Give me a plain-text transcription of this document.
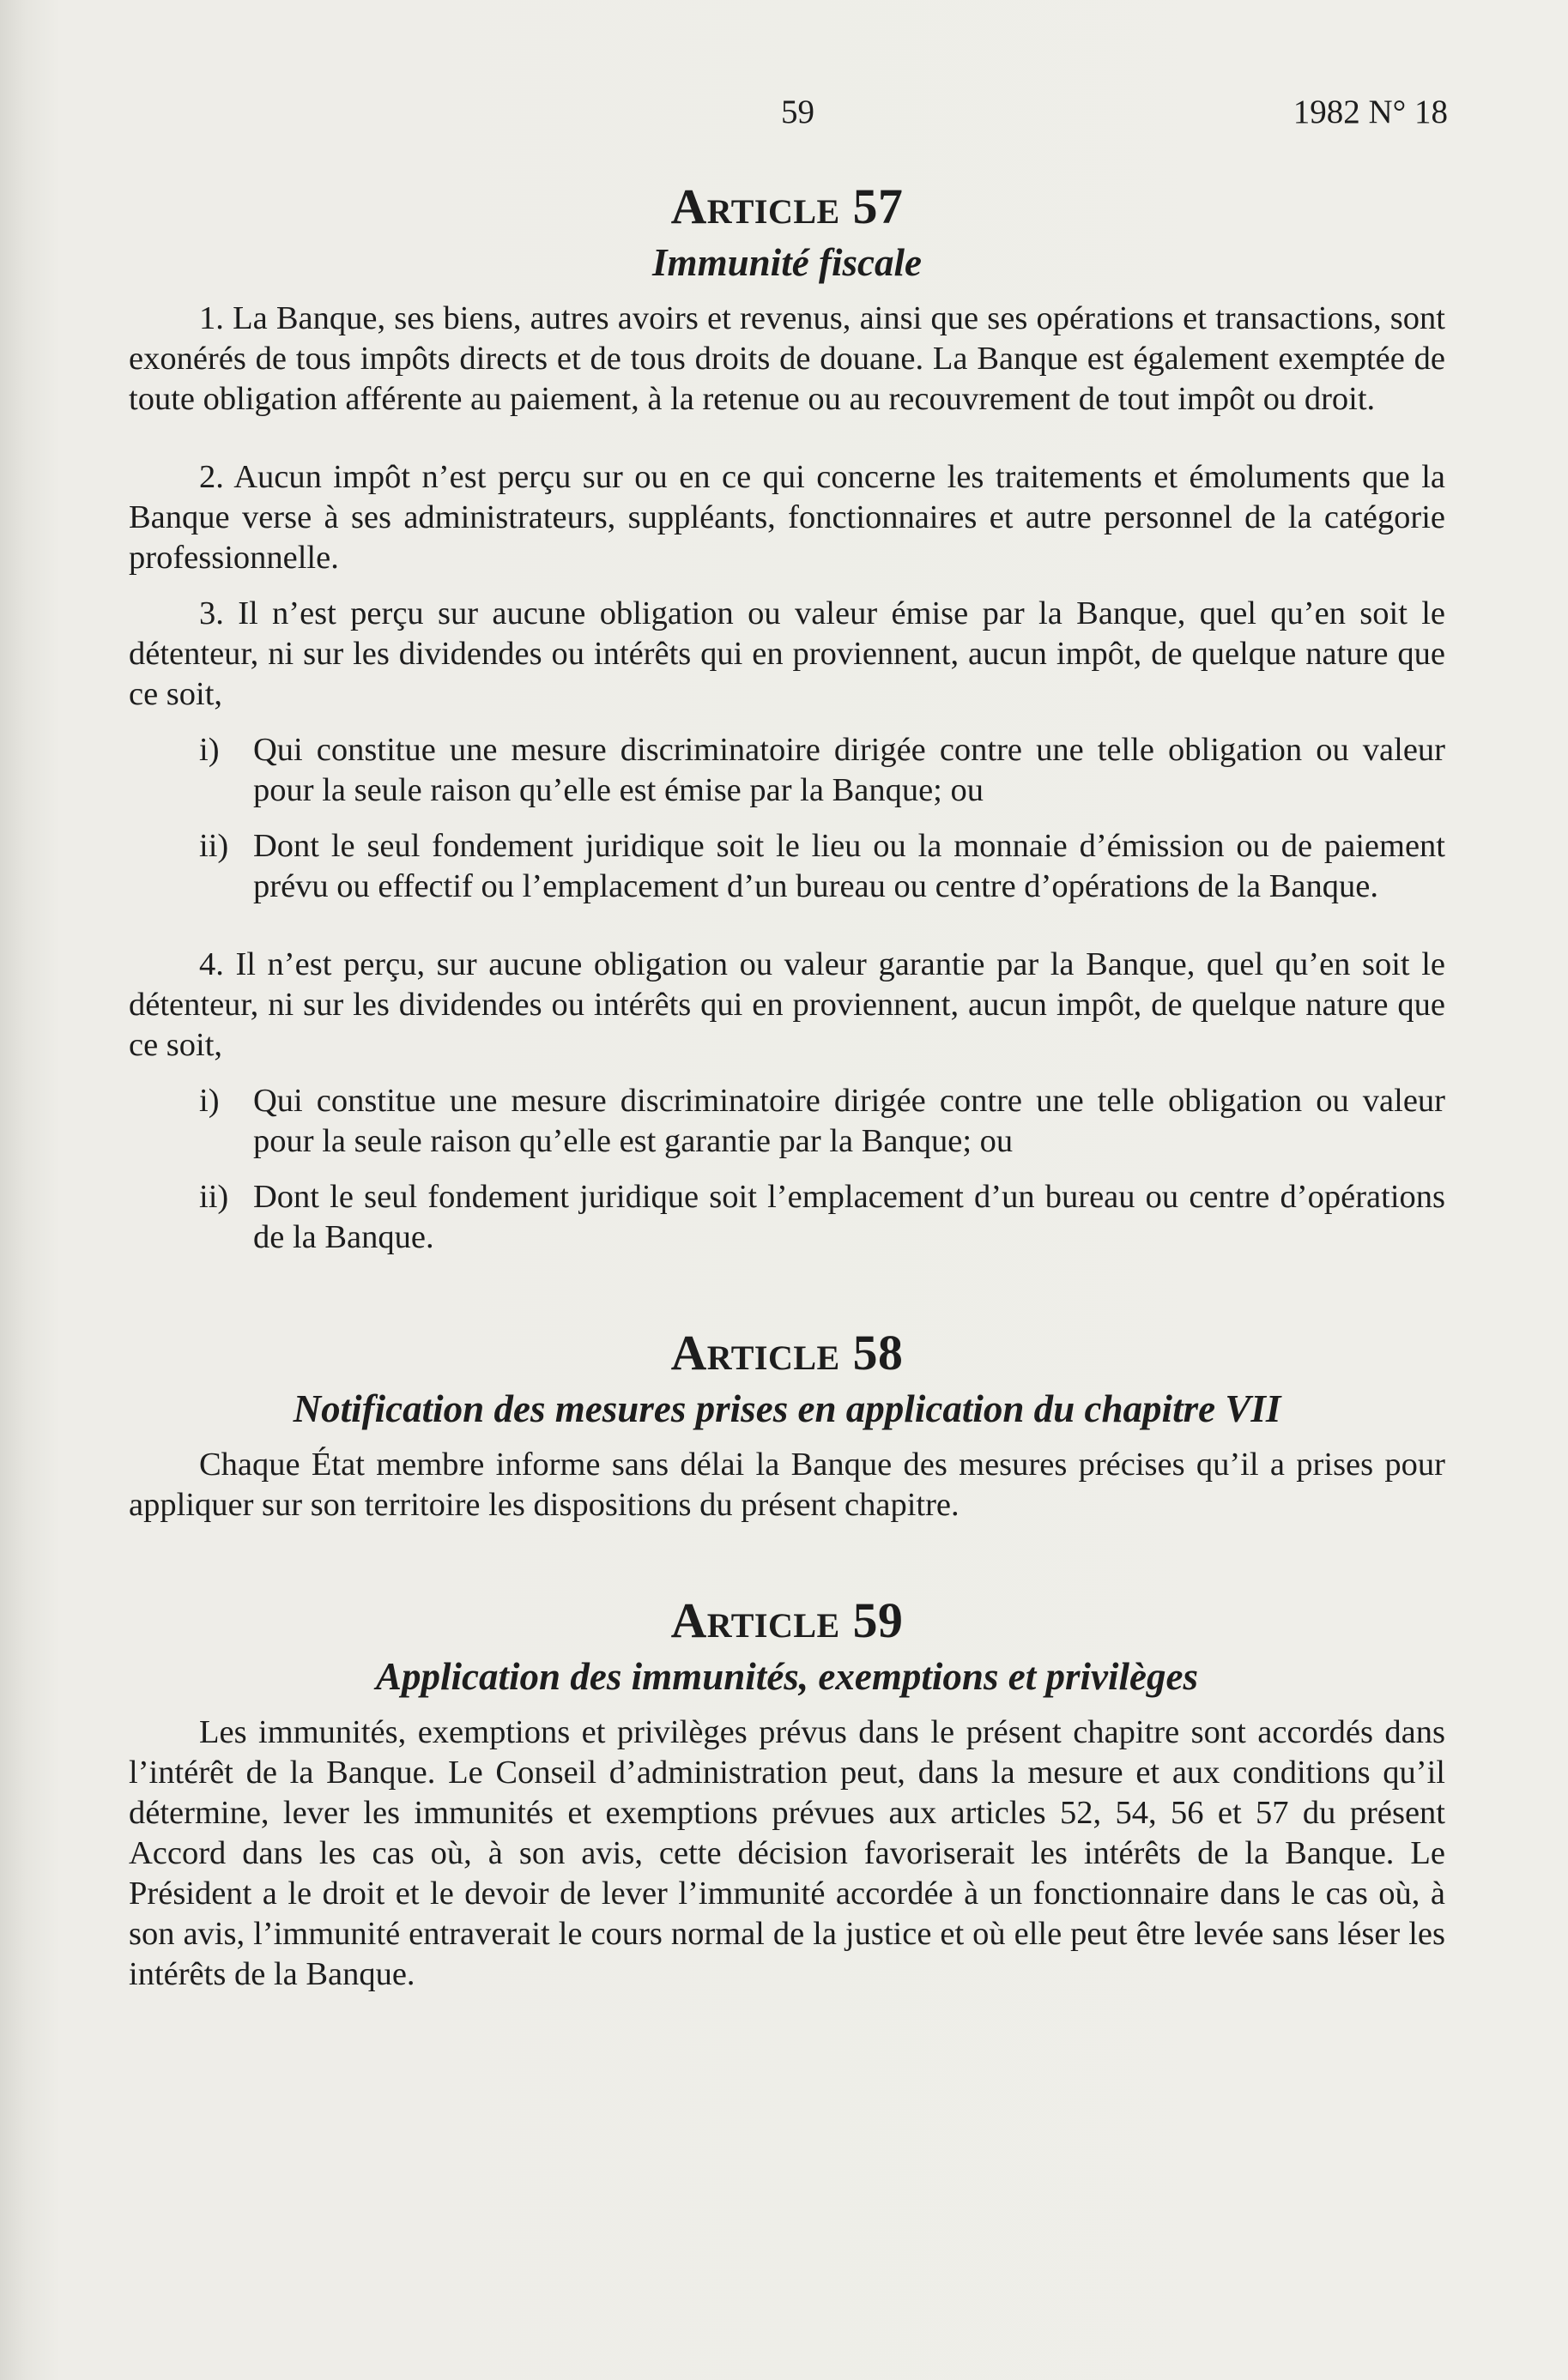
59	1982 N° 18
Article 57
Immunité fiscale

1. La Banque, ses biens, autres avoirs et revenus, ainsi que ses opérations et transactions, sont exonérés de tous impôts directs et de tous droits de douane. La Banque est également exemptée de toute obligation afférente au paiement, à la retenue ou au recouvrement de tout impôt ou droit.

2. Aucun impôt n’est perçu sur ou en ce qui concerne les traitements et émoluments que la Banque verse à ses administrateurs, suppléants, fonctionnaires et autre personnel de la catégorie professionnelle.

3. Il n’est perçu sur aucune obligation ou valeur émise par la Banque, quel qu’en soit le détenteur, ni sur les dividendes ou intérêts qui en proviennent, aucun impôt, de quelque nature que ce soit,

i) Qui constitue une mesure discriminatoire dirigée contre une telle obligation ou valeur pour la seule raison qu’elle est émise par la Banque; ou
ii) Dont le seul fondement juridique soit le lieu ou la monnaie d’émission ou de paiement prévu ou effectif ou l’emplacement d’un bureau ou centre d’opérations de la Banque.

4. Il n’est perçu, sur aucune obligation ou valeur garantie par la Banque, quel qu’en soit le détenteur, ni sur les dividendes ou intérêts qui en proviennent, aucun impôt, de quelque nature que ce soit,

i) Qui constitue une mesure discriminatoire dirigée contre une telle obligation ou valeur pour la seule raison qu’elle est garantie par la Banque; ou
ii) Dont le seul fondement juridique soit l’emplacement d’un bureau ou centre d’opérations de la Banque.
Article 58
Notification des mesures prises en application du chapitre VII

Chaque État membre informe sans délai la Banque des mesures précises qu’il a prises pour appliquer sur son territoire les dispositions du présent chapitre.

Article 59
Application des immunités, exemptions et privilèges

Les immunités, exemptions et privilèges prévus dans le présent chapitre sont accordés dans l’intérêt de la Banque. Le Conseil d’administration peut, dans la mesure et aux conditions qu’il détermine, lever les immunités et exemptions prévues aux articles 52, 54, 56 et 57 du présent Accord dans les cas où, à son avis, cette décision favoriserait les intérêts de la Banque. Le Président a le droit et le devoir de lever l’immunité accordée à un fonctionnaire dans le cas où, à son avis, l’immunité entraverait le cours normal de la justice et où elle peut être levée sans léser les intérêts de la Banque.
